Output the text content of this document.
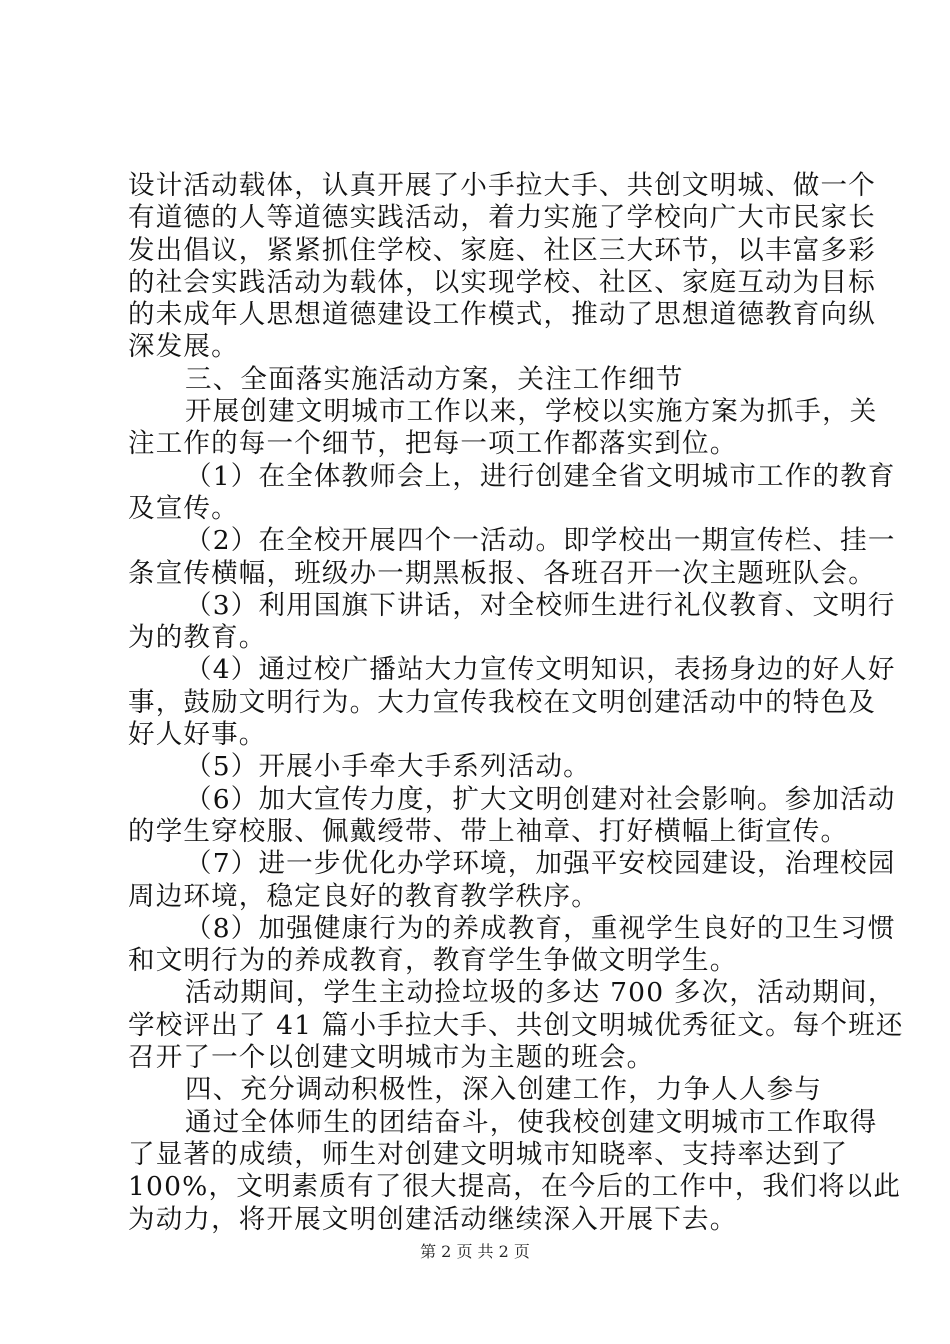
设计活动载体，认真开展了小手拉大手、共创文明城、做一个
有道德的人等道德实践活动，着力实施了学校向广大市民家长
发出倡议，紧紧抓住学校、家庭、社区三大环节，以丰富多彩
的社会实践活动为载体，以实现学校、社区、家庭互动为目标
的未成年人思想道德建设工作模式，推动了思想道德教育向纵
深发展。
三、全面落实施活动方案，关注工作细节
开展创建文明城市工作以来，学校以实施方案为抓手，关
注工作的每一个细节，把每一项工作都落实到位。
（1）在全体教师会上，进行创建全省文明城市工作的教育
及宣传。
（2）在全校开展四个一活动。即学校出一期宣传栏、挂一
条宣传横幅，班级办一期黑板报、各班召开一次主题班队会。
（3）利用国旗下讲话，对全校师生进行礼仪教育、文明行
为的教育。
（4）通过校广播站大力宣传文明知识，表扬身边的好人好
事，鼓励文明行为。大力宣传我校在文明创建活动中的特色及
好人好事。
（5）开展小手牵大手系列活动。
（6）加大宣传力度，扩大文明创建对社会影响。参加活动
的学生穿校服、佩戴绶带、带上袖章、打好横幅上街宣传。
（7）进一步优化办学环境，加强平安校园建设，治理校园
周边环境，稳定良好的教育教学秩序。
（8）加强健康行为的养成教育，重视学生良好的卫生习惯
和文明行为的养成教育，教育学生争做文明学生。
活动期间，学生主动捡垃圾的多达 700 多次，活动期间，
学校评出了 41 篇小手拉大手、共创文明城优秀征文。每个班还
召开了一个以创建文明城市为主题的班会。
四、充分调动积极性，深入创建工作，力争人人参与
通过全体师生的团结奋斗，使我校创建文明城市工作取得
了显著的成绩，师生对创建文明城市知晓率、支持率达到了
100%，文明素质有了很大提高，在今后的工作中，我们将以此
为动力，将开展文明创建活动继续深入开展下去。
第 2 页 共 2 页
